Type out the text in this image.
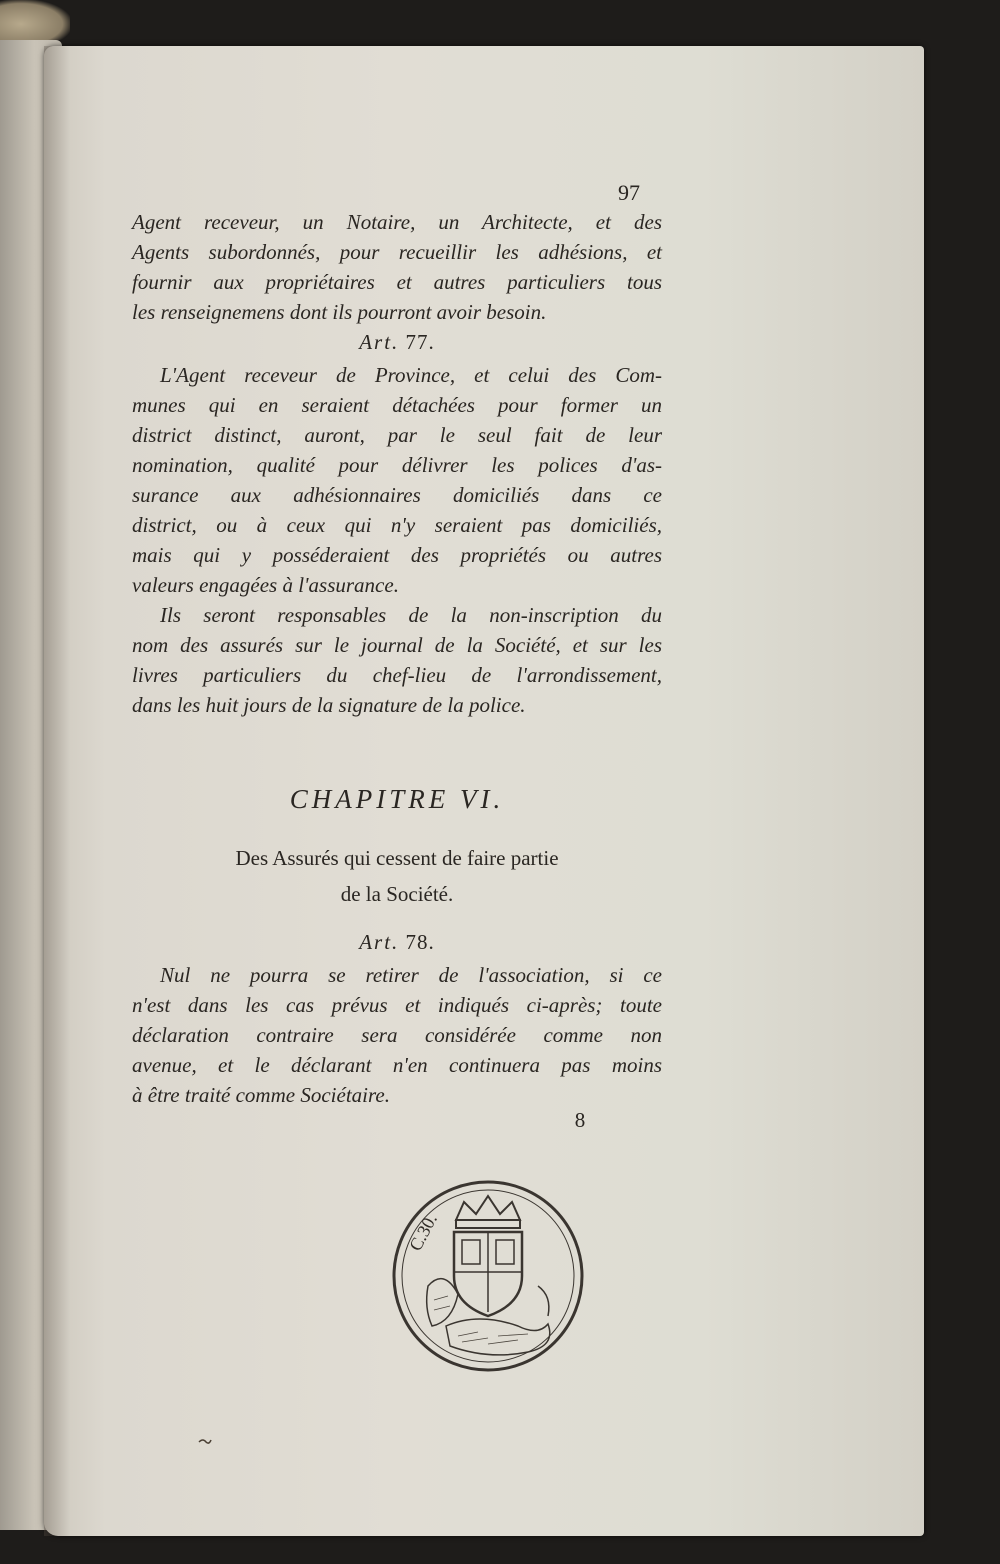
97
Agent receveur, un Notaire, un Architecte, et des
Agents subordonnés, pour recueillir les adhésions, et
fournir aux propriétaires et autres particuliers tous
les renseignemens dont ils pourront avoir besoin.
Art. 77.
L'Agent receveur de Province, et celui des Com-
munes qui en seraient détachées pour former un
district distinct, auront, par le seul fait de leur
nomination, qualité pour délivrer les polices d'as-
surance aux adhésionnaires domiciliés dans ce
district, ou à ceux qui n'y seraient pas domiciliés,
mais qui y posséderaient des propriétés ou autres
valeurs engagées à l'assurance.
Ils seront responsables de la non-inscription du
nom des assurés sur le journal de la Société, et sur les
livres particuliers du chef-lieu de l'arrondissement,
dans les huit jours de la signature de la police.
CHAPITRE VI.
Des Assurés qui cessent de faire partie
de la Société.
Art. 78.
Nul ne pourra se retirer de l'association, si ce
n'est dans les cas prévus et indiqués ci-après; toute
déclaration contraire sera considérée comme non
avenue, et le déclarant n'en continuera pas moins
à être traité comme Sociétaire.
8
C.30.
